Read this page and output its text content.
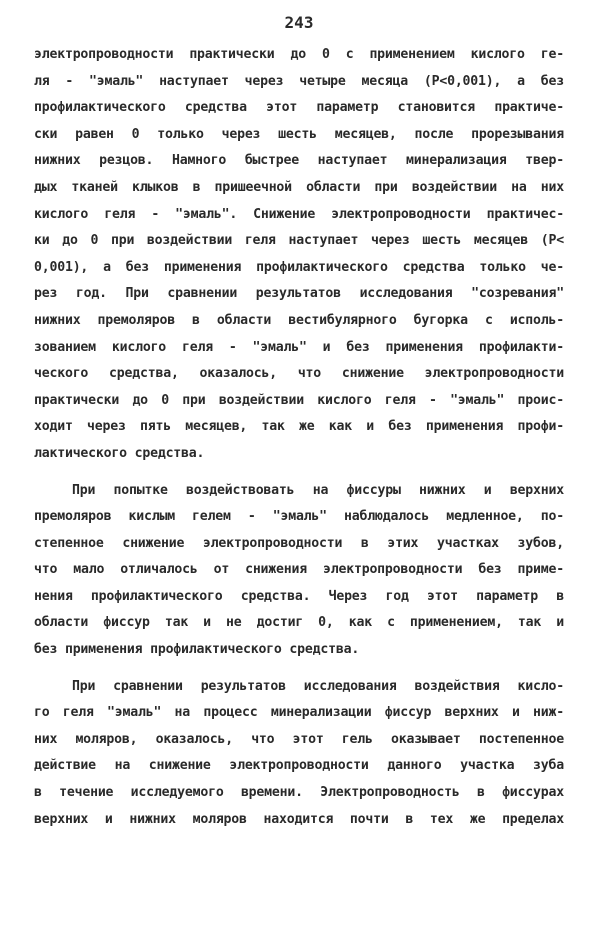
243
электропроводности практически до 0 с применением кислого ге-
ля - "эмаль" наступает через четыре месяца (Р<0,001), а без
профилактического средства этот параметр становится практиче-
ски равен 0 только через шесть месяцев, после прорезывания
нижних резцов. Намного быстрее наступает минерализация твер-
дых тканей клыков в пришеечной области при воздействии на них
кислого геля - "эмаль". Снижение электропроводности практичес-
ки до 0 при воздействии геля наступает через шесть месяцев (Р<
0,001), а без применения профилактического средства только че-
рез год. При сравнении результатов исследования "созревания"
нижних премоляров в области вестибулярного бугорка с исполь-
зованием кислого геля - "эмаль" и без применения профилакти-
ческого средства, оказалось, что снижение электропроводности
практически до 0 при воздействии кислого геля - "эмаль" проис-
ходит через пять месяцев, так же как и без применения профи-
лактического средства.
При попытке воздействовать на фиссуры нижних и верхних
премоляров кислым гелем - "эмаль" наблюдалось медленное, по-
степенное снижение электропроводности в этих участках зубов,
что мало отличалось от снижения электропроводности без приме-
нения профилактического средства. Через год этот параметр в
области фиссур так и не достиг 0, как с применением, так и
без применения профилактического средства.
При сравнении результатов исследования воздействия кисло-
го геля "эмаль" на процесс минерализации фиссур верхних и ниж-
них моляров, оказалось, что этот гель оказывает постепенное
действие на снижение электропроводности данного участка зуба
в течение исследуемого времени. Электропроводность в фиссурах
верхних и нижних моляров находится почти в тех же пределах
